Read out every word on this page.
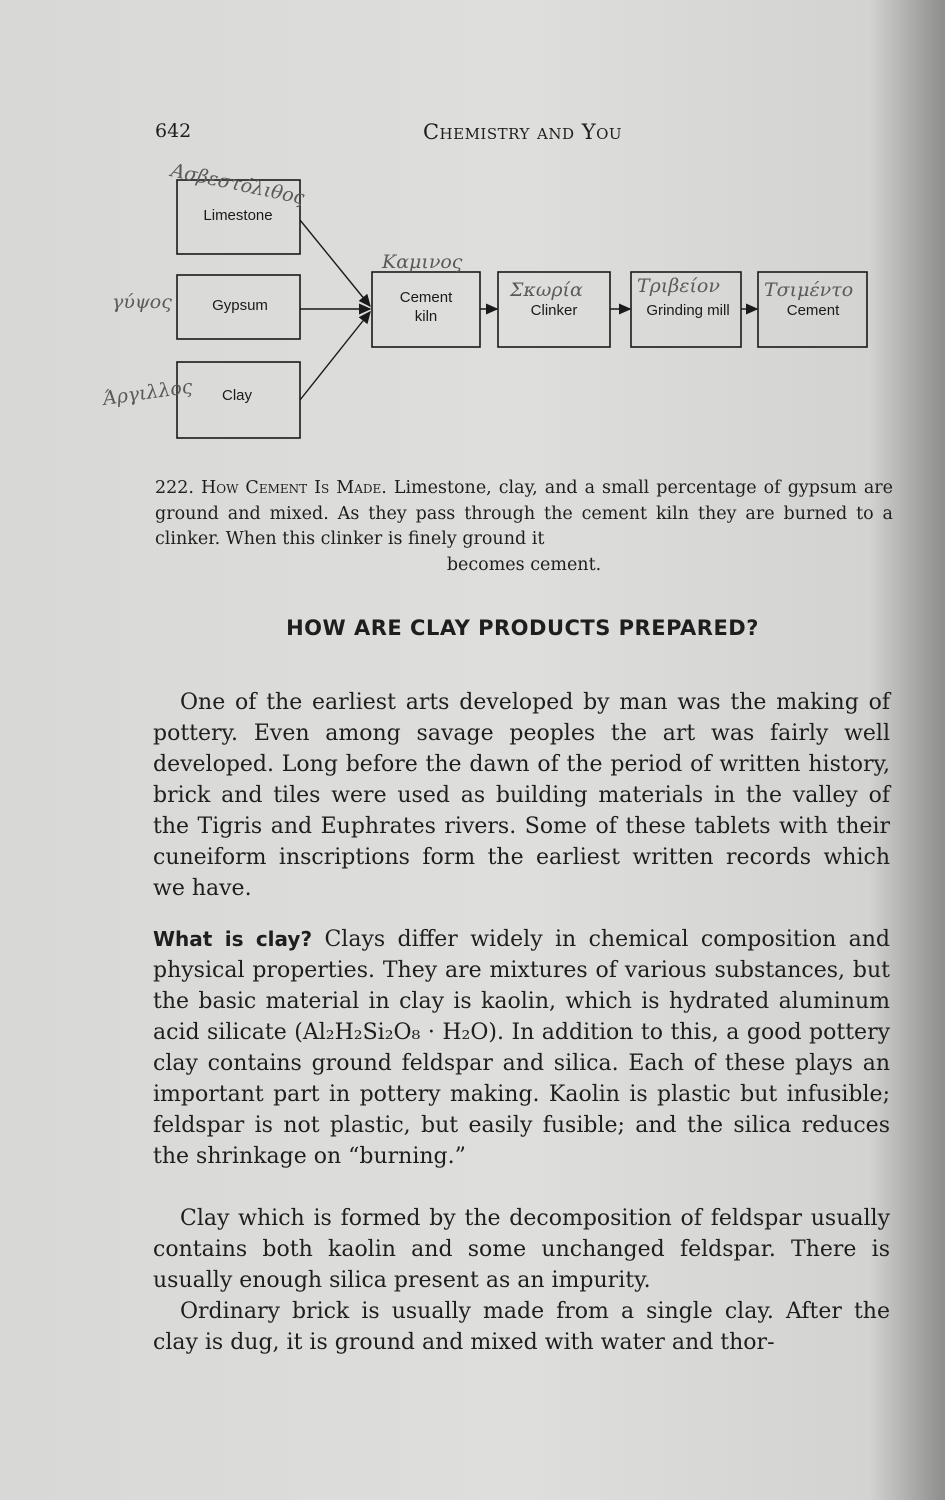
642	Chemistry and You
Limestone
Gypsum
Clay
Cement
kiln	Clinker	Grinding mill	Cement
Ασβεστόλιθος
γύψος
Άργιλλος
Καμινος
Σκωρία	Τριβείον Τσιμέντο
222. How Cement Is Made. Limestone, clay, and a small percentage of gypsum are ground and mixed. As they pass through the cement kiln they are burned to a clinker. When this clinker is finely ground it
becomes cement.
HOW ARE CLAY PRODUCTS PREPARED?

One of the earliest arts developed by man was the making of pottery. Even among savage peoples the art was fairly well developed. Long before the dawn of the period of written history, brick and tiles were used as building materials in the valley of the Tigris and Euphrates rivers. Some of these tablets with their cuneiform inscriptions form the earliest written records which we have.

What is clay? Clays differ widely in chemical composition and physical properties. They are mixtures of various substances, but the basic material in clay is kaolin, which is hydrated aluminum acid silicate (Al₂H₂Si₂O₈ · H₂O). In addition to this, a good pottery clay contains ground feldspar and silica. Each of these plays an important part in pottery making. Kaolin is plastic but infusible; feldspar is not plastic, but easily fusible; and the silica reduces the shrinkage on “burning.”

Clay which is formed by the decomposition of feldspar usually contains both kaolin and some unchanged feldspar. There is usually enough silica present as an impurity.

Ordinary brick is usually made from a single clay. After the clay is dug, it is ground and mixed with water and thor-
